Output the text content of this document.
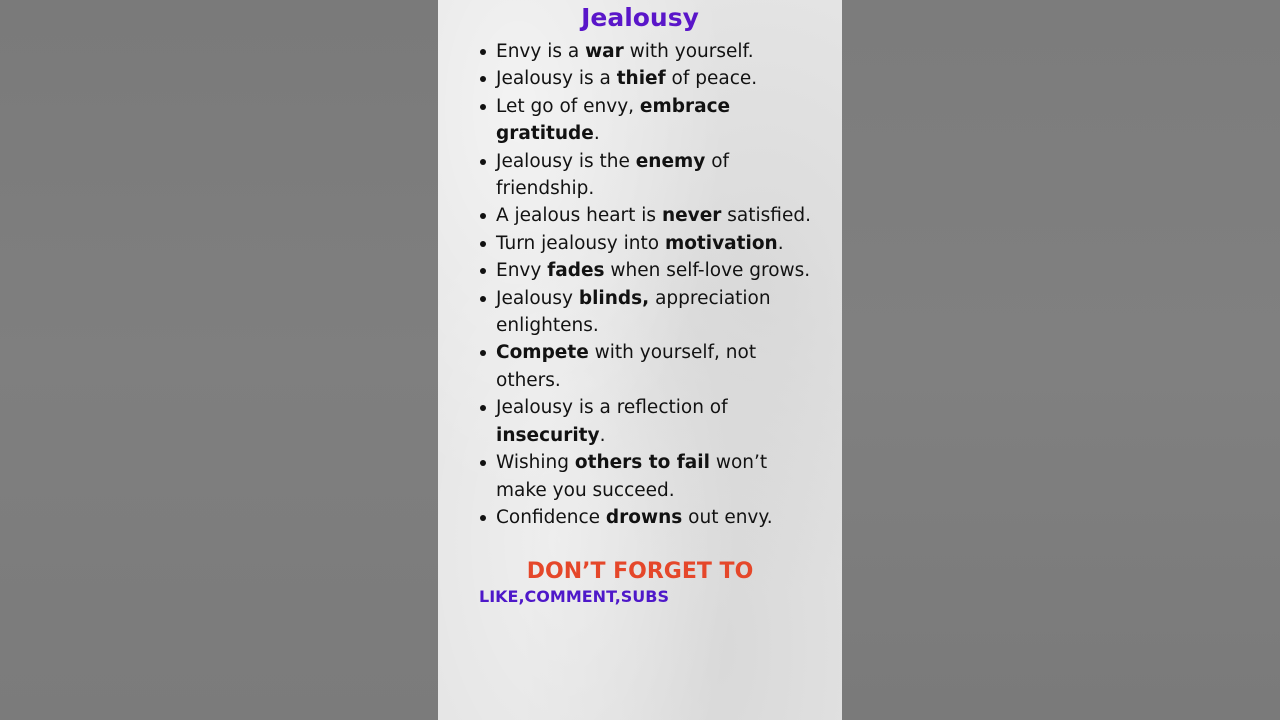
Jealousy
Envy is a war with yourself.
Jealousy is a thief of peace.
Let go of envy, embrace gratitude.
Jealousy is the enemy of friendship.
A jealous heart is never satisfied.
Turn jealousy into motivation.
Envy fades when self-love grows.
Jealousy blinds, appreciation enlightens.
Compete with yourself, not others.
Jealousy is a reflection of insecurity.
Wishing others to fail won’t make you succeed.
Confidence drowns out envy.
DON’T FORGET TO
LIKE,COMMENT,SUBS
